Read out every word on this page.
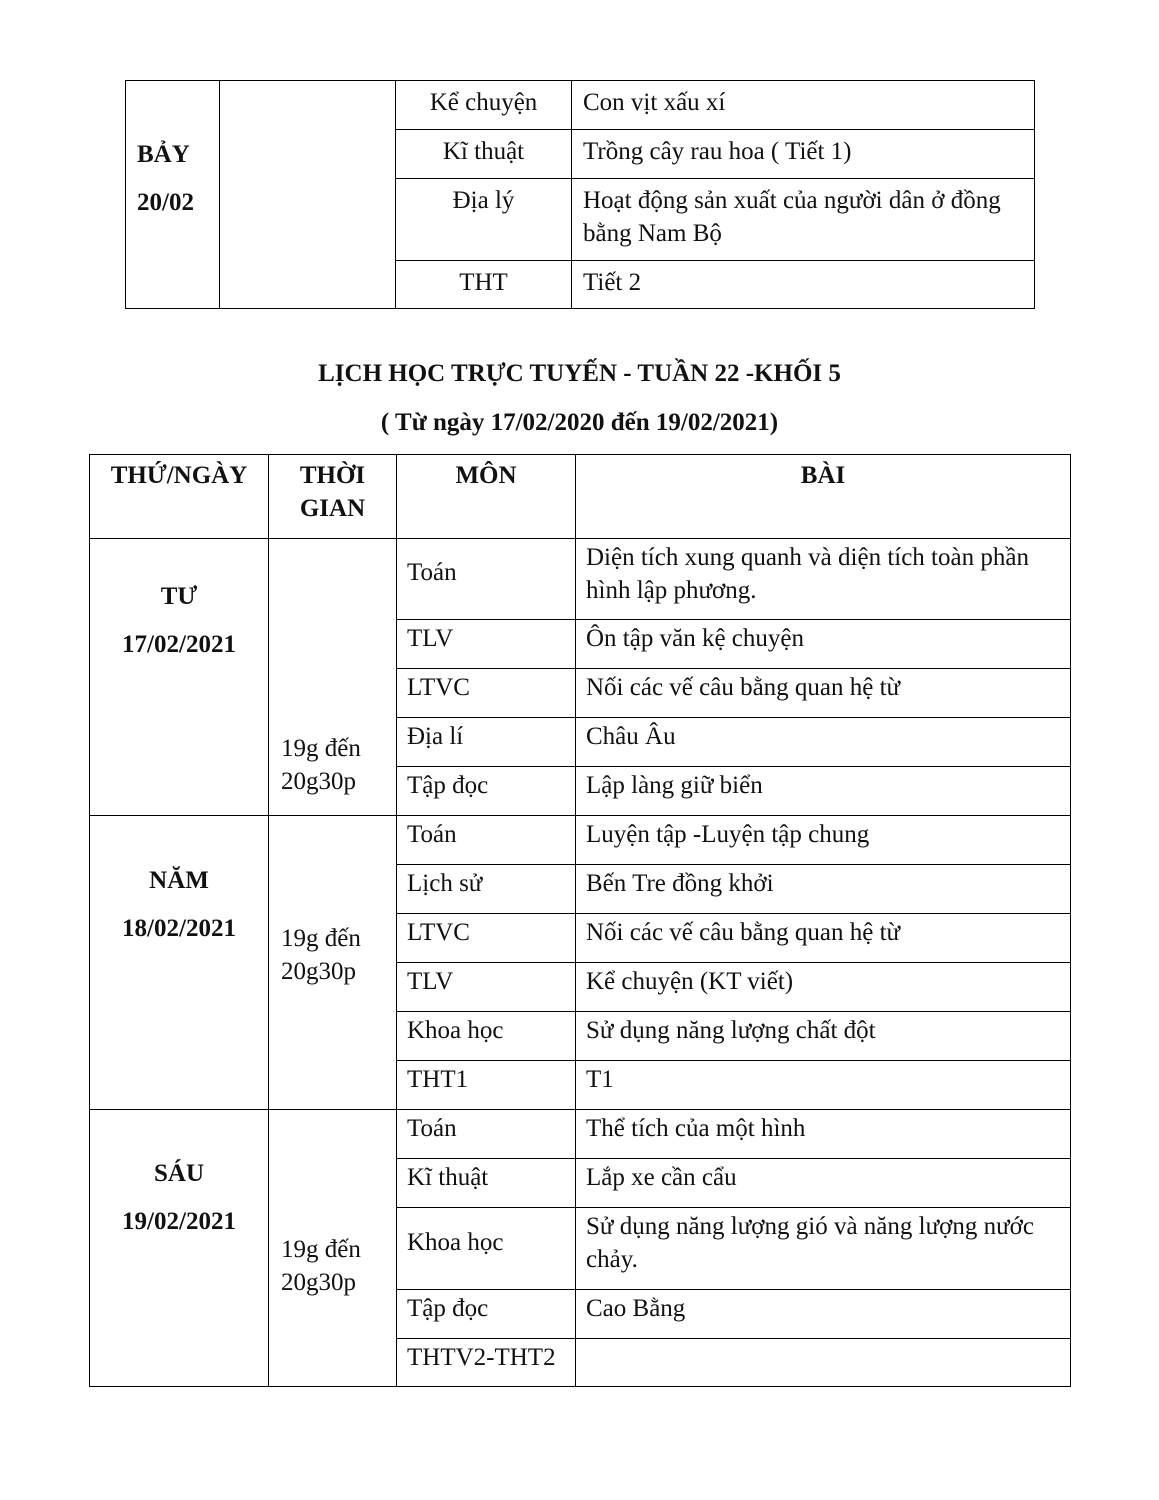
BẢY
20/02		Kể chuyện	Con vịt xấu xí
		Kĩ thuật	Trồng cây rau hoa ( Tiết 1)
		Địa lý	Hoạt động sản xuất của người dân ở đồng bằng Nam Bộ
		THT	Tiết 2
LỊCH HỌC TRỰC TUYẾN - TUẦN 22 -KHỐI 5
( Từ ngày 17/02/2020 đến 19/02/2021)
THỨ/NGÀY	THỜI GIAN	MÔN	BÀI

TƯ
17/02/2021	19g đến 20g30p	Toán	Diện tích xung quanh và diện tích toàn phần hình lập phương.
		TLV	Ôn tập văn kệ chuyện
		LTVC	Nối các vế câu bằng quan hệ từ
		Địa lí	Châu Âu
		Tập đọc	Lập làng giữ biển

NĂM
18/02/2021	19g đến 20g30p	Toán	Luyện tập -Luyện tập chung
		Lịch sử	Bến Tre đồng khởi
		LTVC	Nối các vế câu bằng quan hệ từ
		TLV	Kể chuyện (KT viết)
		Khoa học	Sử dụng năng lượng chất đột
		THT1	T1

SÁU
19/02/2021	19g đến 20g30p	Toán	Thể tích của một hình
		Kĩ thuật	Lắp xe cần cẩu
		Khoa học	Sử dụng năng lượng gió và năng lượng nước chảy.
		Tập đọc	Cao Bằng
		THTV2-THT2	
